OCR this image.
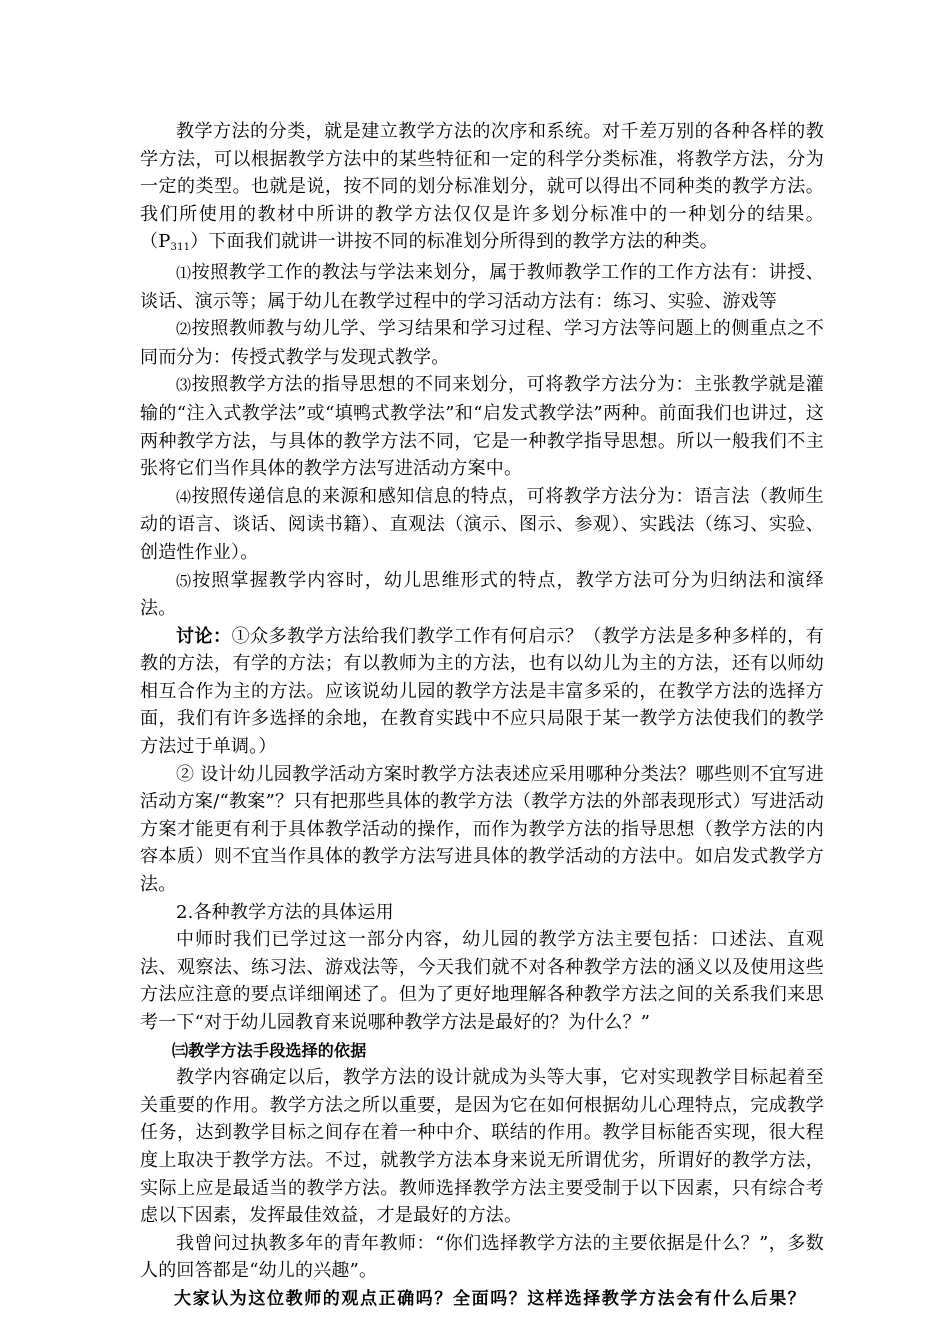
教学方法的分类，就是建立教学方法的次序和系统。对千差万别的各种各样的教学方法，可以根据教学方法中的某些特征和一定的科学分类标准，将教学方法，分为一定的类型。也就是说，按不同的划分标准划分，就可以得出不同种类的教学方法。我们所使用的教材中所讲的教学方法仅仅是许多划分标准中的一种划分的结果。$(P_{311})$下面我们就讲一讲按不同的标准划分所得到的教学方法的种类。

⑴按照教学工作的教法与学法来划分，属于教师教学工作的工作方法有：讲授、谈话、演示等；属于幼儿在教学过程中的学习活动方法有：练习、实验、游戏等

⑵按照教师教与幼儿学、学习结果和学习过程、学习方法等问题上的侧重点之不同而分为：传授式教学与发现式教学。

⑶按照教学方法的指导思想的不同来划分，可将教学方法分为：主张教学就是灌输的“注入式教学法”或“填鸭式教学法”和“启发式教学法”两种。前面我们也讲过，这两种教学方法，与具体的教学方法不同，它是一种教学指导思想。所以一般我们不主张将它们当作具体的教学方法写进活动方案中。

⑷按照传递信息的来源和感知信息的特点，可将教学方法分为：语言法（教师生动的语言、谈话、阅读书籍）、直观法（演示、图示、参观）、实践法（练习、实验、创造性作业）。

⑸按照掌握教学内容时，幼儿思维形式的特点，教学方法可分为归纳法和演绎法。

讨论：①众多教学方法给我们教学工作有何启示？（教学方法是多种多样的，有教的方法，有学的方法；有以教师为主的方法，也有以幼儿为主的方法，还有以师幼相互合作为主的方法。应该说幼儿园的教学方法是丰富多采的，在教学方法的选择方面，我们有许多选择的余地，在教育实践中不应只局限于某一教学方法使我们的教学方法过于单调。）

② 设计幼儿园教学活动方案时教学方法表述应采用哪种分类法？哪些则不宜写进活动方案/“教案”？只有把那些具体的教学方法（教学方法的外部表现形式）写进活动方案才能更有利于具体教学活动的操作，而作为教学方法的指导思想（教学方法的内容本质）则不宜当作具体的教学方法写进具体的教学活动的方法中。如启发式教学方法。

2.各种教学方法的具体运用

中师时我们已学过这一部分内容，幼儿园的教学方法主要包括：口述法、直观法、观察法、练习法、游戏法等，今天我们就不对各种教学方法的涵义以及使用这些方法应注意的要点详细阐述了。但为了更好地理解各种教学方法之间的关系我们来思考一下“对于幼儿园教育来说哪种教学方法是最好的？为什么？”

㈢教学方法手段选择的依据

教学内容确定以后，教学方法的设计就成为头等大事，它对实现教学目标起着至关重要的作用。教学方法之所以重要，是因为它在如何根据幼儿心理特点，完成教学任务，达到教学目标之间存在着一种中介、联结的作用。教学目标能否实现，很大程度上取决于教学方法。不过，就教学方法本身来说无所谓优劣，所谓好的教学方法，实际上应是最适当的教学方法。教师选择教学方法主要受制于以下因素，只有综合考虑以下因素，发挥最佳效益，才是最好的方法。

我曾问过执教多年的青年教师：“你们选择教学方法的主要依据是什么？”，多数人的回答都是“幼儿的兴趣”。

大家认为这位教师的观点正确吗？全面吗？这样选择教学方法会有什么后果？
